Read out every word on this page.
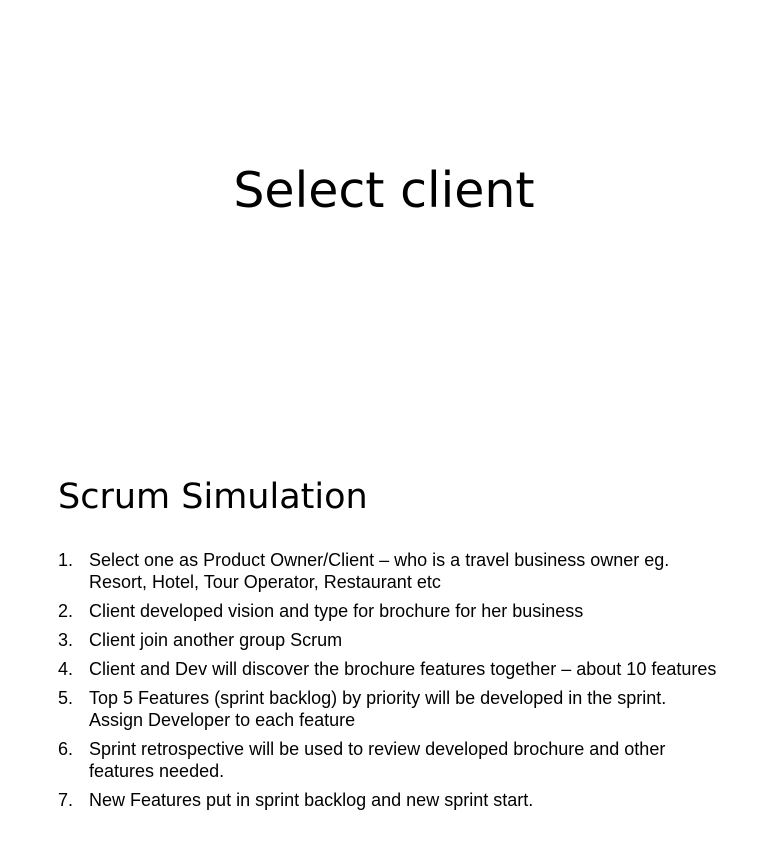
Select client
Scrum Simulation
1. Select one as Product Owner/Client – who is a travel business owner eg. Resort, Hotel, Tour Operator, Restaurant etc
2. Client developed vision and type for brochure for her business
3. Client join another group Scrum
4. Client and Dev will discover the brochure features together – about 10 features
5. Top 5 Features (sprint backlog) by priority will be developed in the sprint. Assign Developer to each feature
6. Sprint retrospective will be used to review developed brochure and other features needed.
7. New Features put in sprint backlog and new sprint start.
